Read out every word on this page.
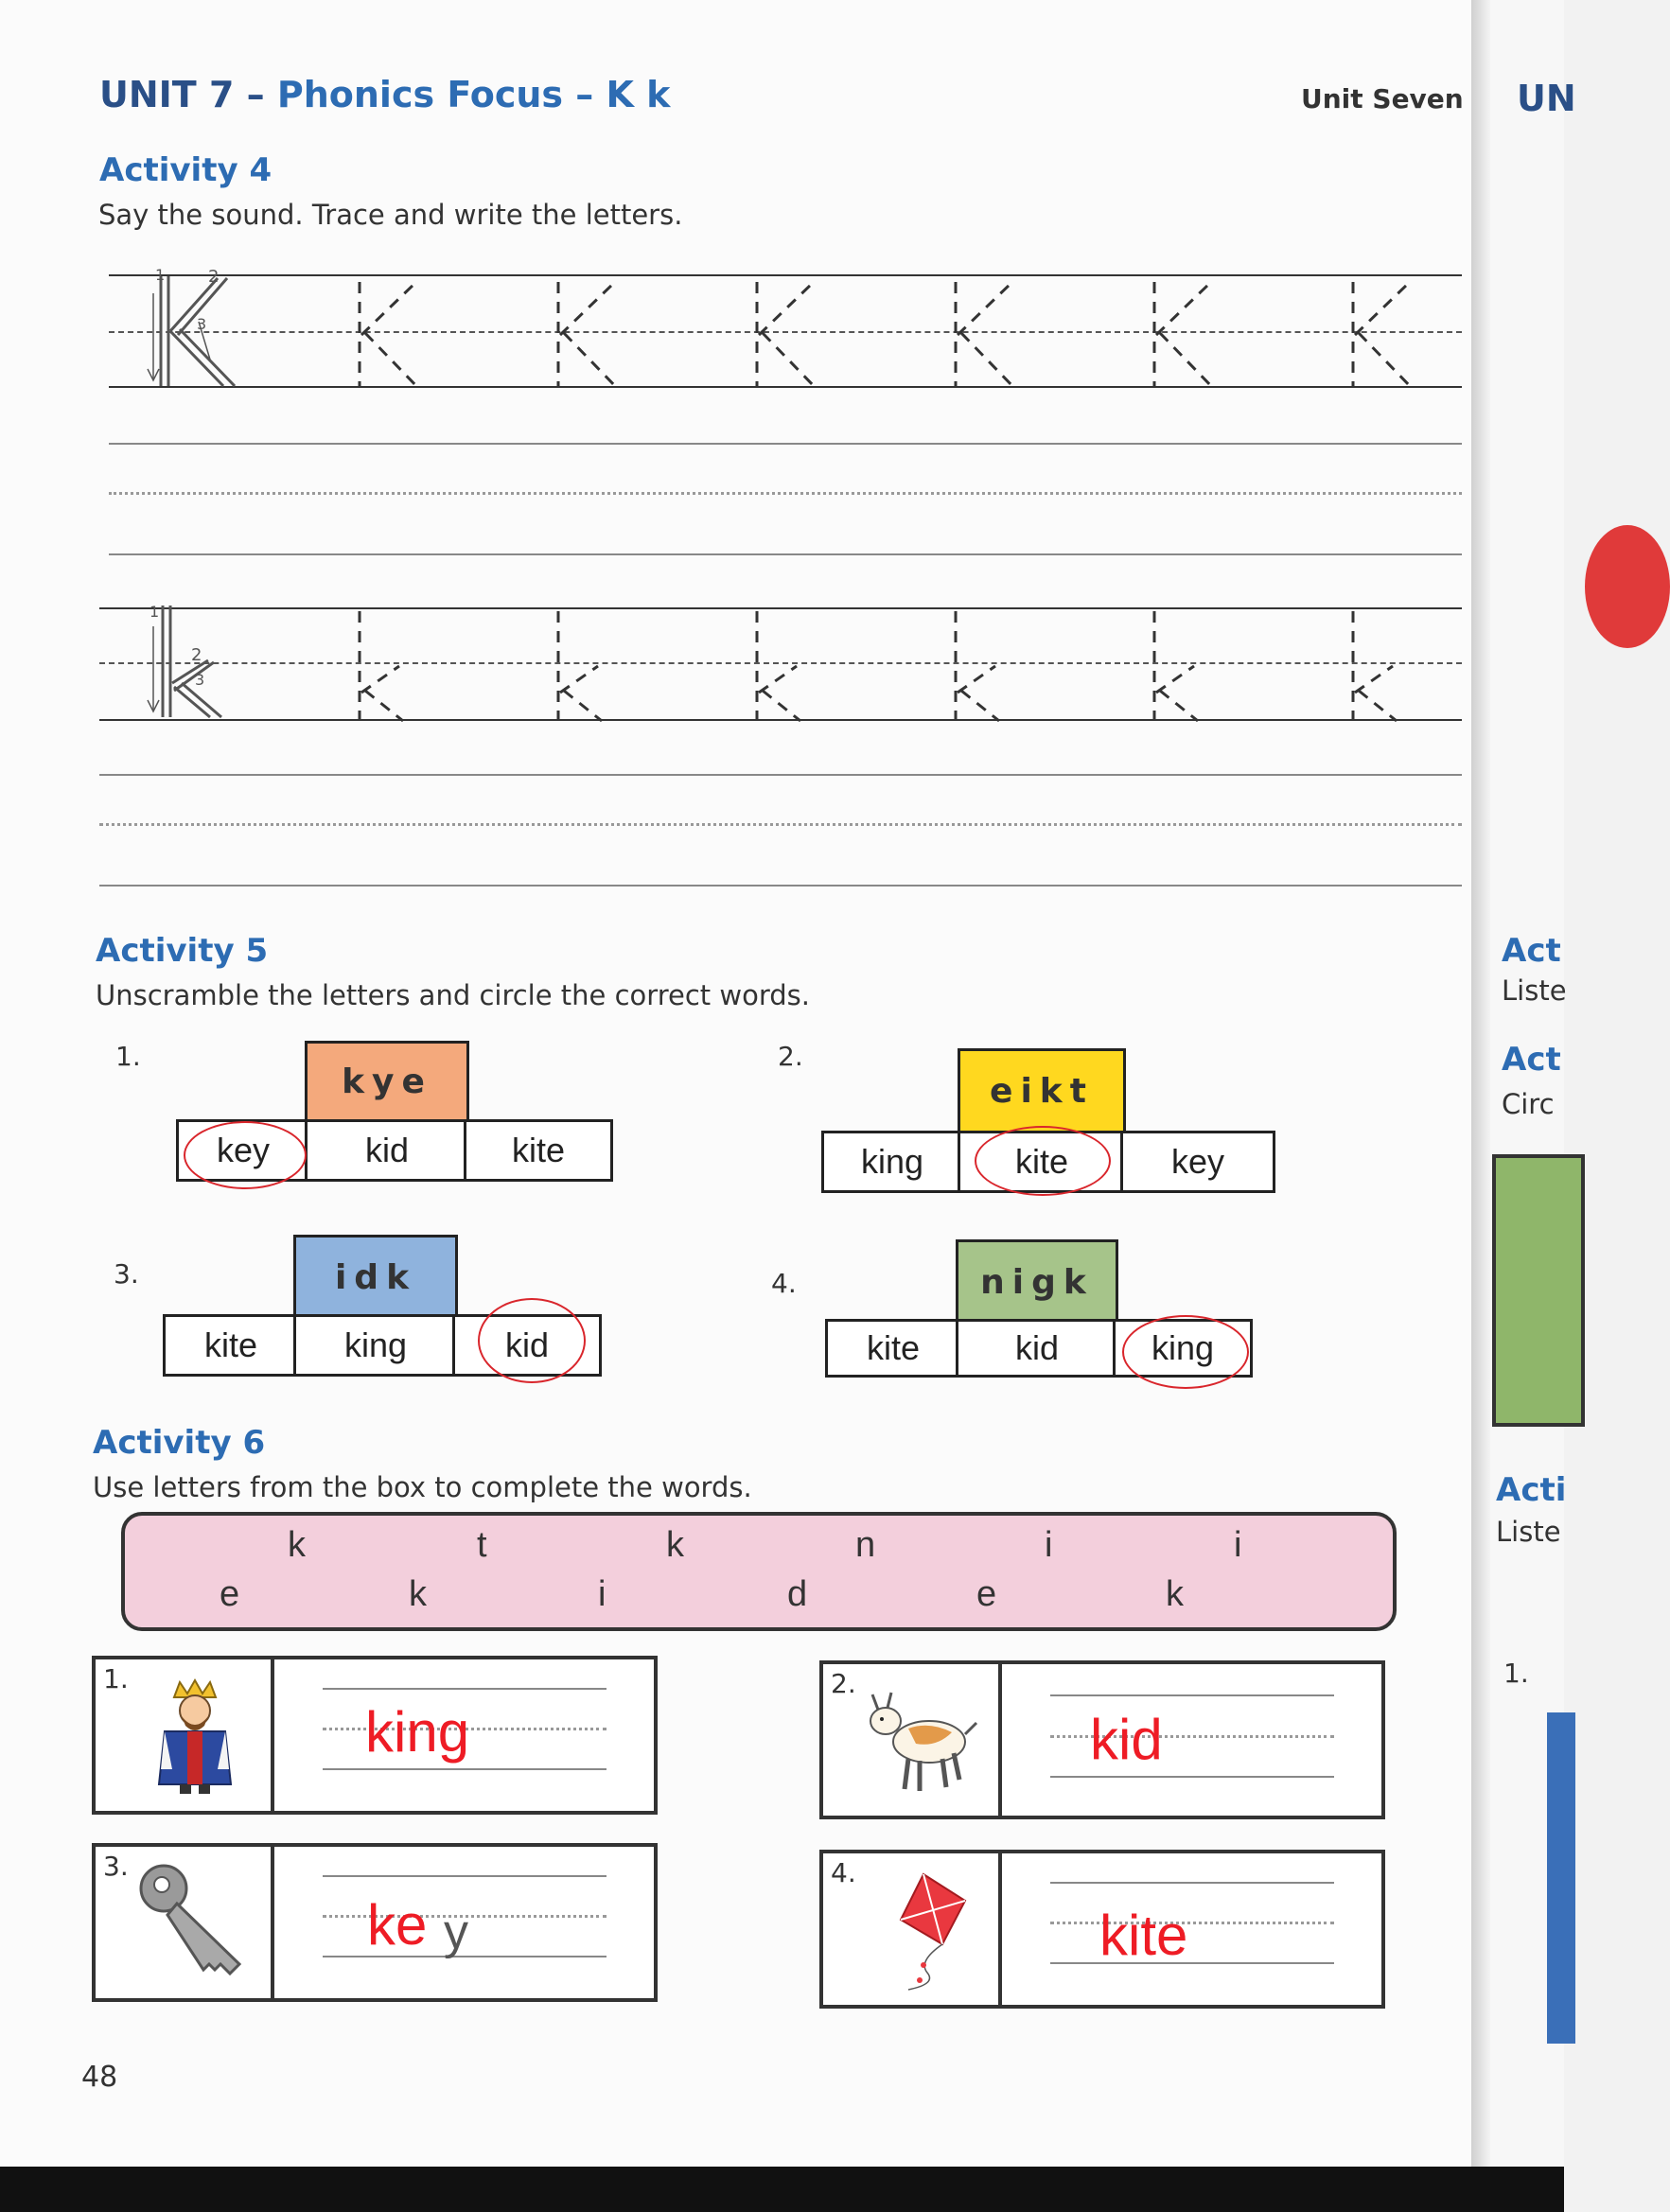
UNIT 7 – Phonics Focus – K k	Unit Seven
Activity 4
Say the sound. Trace and write the letters.
1	2
3
1
2
3
Activity 5
Unscramble the letters and circle the correct words.
1.
kye
key	kid	kite
2.
eikt
king	kite	key
3.	idk
kite	king	kid
4.	nigk
kite	kid	king
Activity 6
Use letters from the box to complete the words.
k	t	k	n	i	i
e	k	i	d	e	k
1.
king
2.
kid
3.
ke y
4.
kite
48
UN
Act
Liste
Act
Circ
Acti
Liste
1.
